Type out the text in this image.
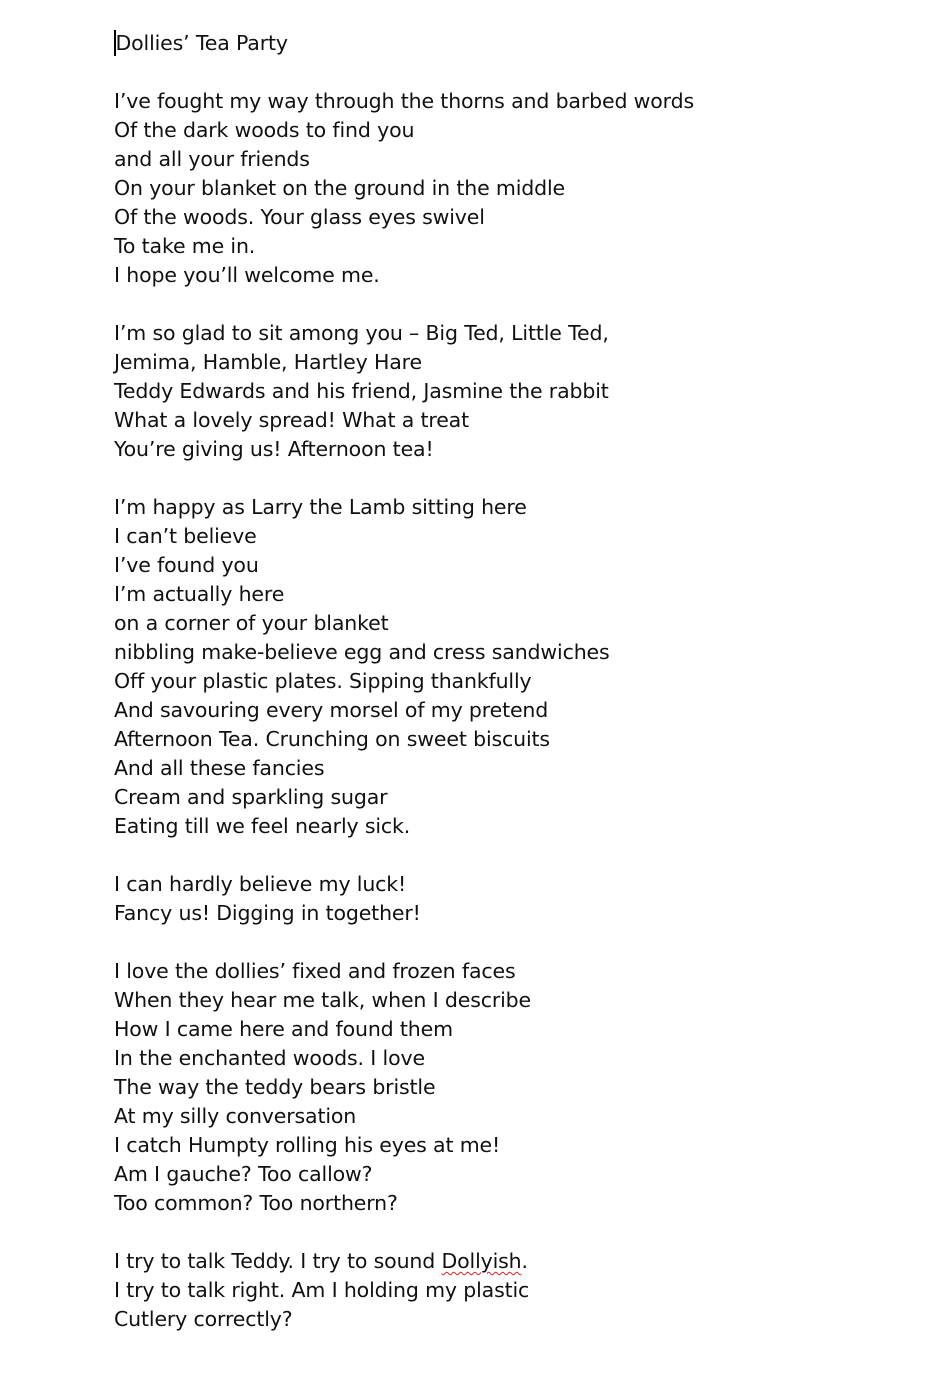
Dollies’ Tea Party
I’ve fought my way through the thorns and barbed words
Of the dark woods to find you
and all your friends
On your blanket on the ground in the middle
Of the woods. Your glass eyes swivel
To take me in.
I hope you’ll welcome me.
I’m so glad to sit among you – Big Ted, Little Ted,
Jemima, Hamble, Hartley Hare
Teddy Edwards and his friend, Jasmine the rabbit
What a lovely spread! What a treat
You’re giving us! Afternoon tea!
I’m happy as Larry the Lamb sitting here
I can’t believe
I’ve found you
I’m actually here
on a corner of your blanket
nibbling make-believe egg and cress sandwiches
Off your plastic plates. Sipping thankfully
And savouring every morsel of my pretend
Afternoon Tea. Crunching on sweet biscuits
And all these fancies
Cream and sparkling sugar
Eating till we feel nearly sick.
I can hardly believe my luck!
Fancy us! Digging in together!
I love the dollies’ fixed and frozen faces
When they hear me talk, when I describe
How I came here and found them
In the enchanted woods. I love
The way the teddy bears bristle
At my silly conversation
I catch Humpty rolling his eyes at me!
Am I gauche? Too callow?
Too common? Too northern?
I try to talk Teddy. I try to sound Dollyish.
I try to talk right. Am I holding my plastic
Cutlery correctly?
